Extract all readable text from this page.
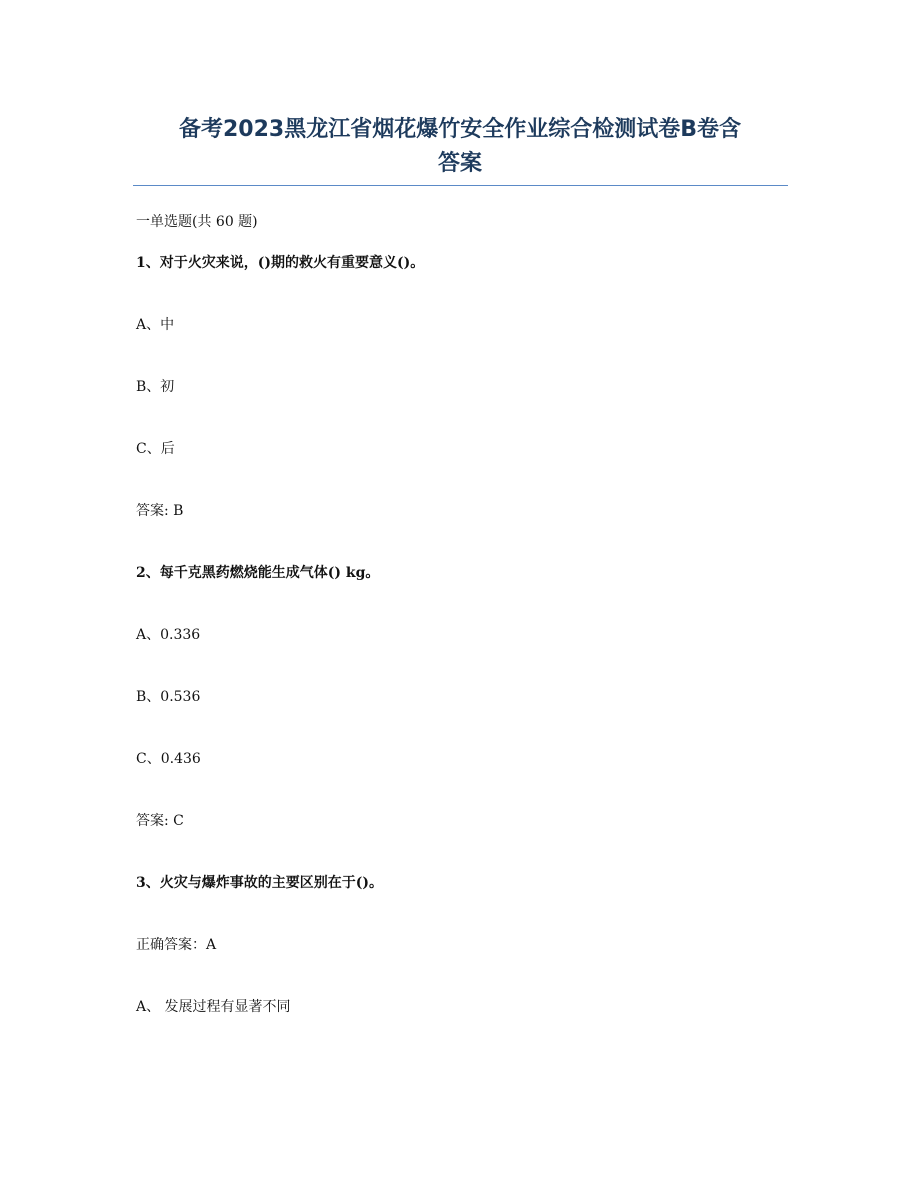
备考2023黑龙江省烟花爆竹安全作业综合检测试卷B卷含
答案
一单选题(共 60 题)
1、对于火灾来说，()期的救火有重要意义()。
A、中
B、初
C、后
答案: B
2、每千克黑药燃烧能生成气体() kg。
A、0.336
B、0.536
C、0.436
答案: C
3、火灾与爆炸事故的主要区别在于()。
正确答案：A
A、 发展过程有显著不同
